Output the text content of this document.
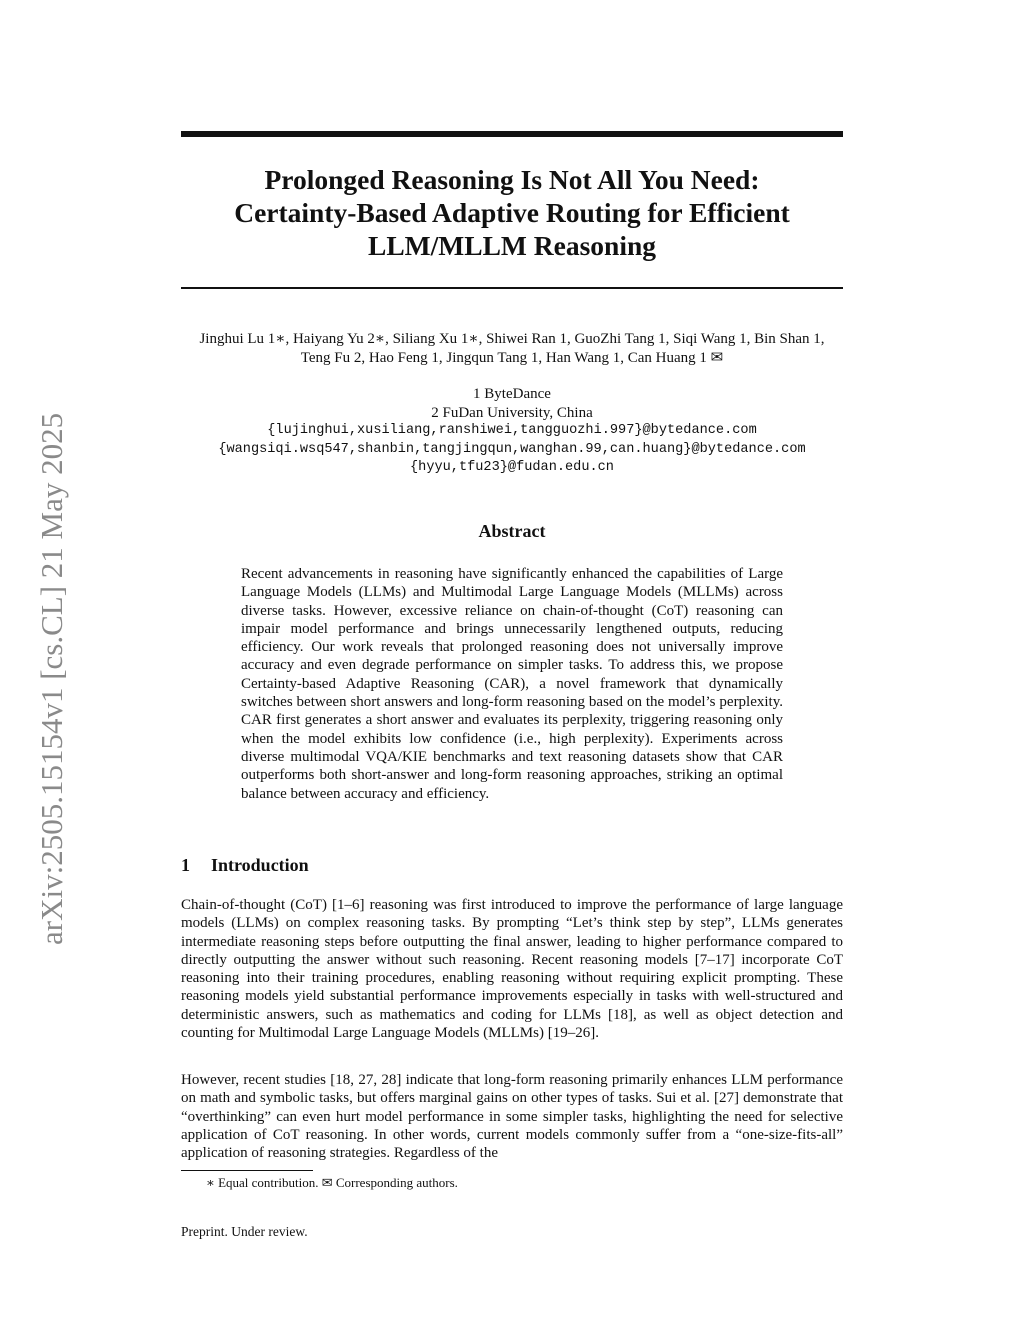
arXiv:2505.15154v1 [cs.CL] 21 May 2025
Prolonged Reasoning Is Not All You Need:
Certainty-Based Adaptive Routing for Efficient
LLM/MLLM Reasoning
Jinghui Lu 1∗, Haiyang Yu 2∗, Siliang Xu 1∗, Shiwei Ran 1, GuoZhi Tang 1, Siqi Wang 1, Bin Shan 1,
Teng Fu 2, Hao Feng 1, Jingqun Tang 1, Han Wang 1, Can Huang 1 ✉
1 ByteDance
2 FuDan University, China
{lujinghui,xusiliang,ranshiwei,tangguozhi.997}@bytedance.com
{wangsiqi.wsq547,shanbin,tangjingqun,wanghan.99,can.huang}@bytedance.com
{hyyu,tfu23}@fudan.edu.cn
Abstract

Recent advancements in reasoning have significantly enhanced the capabilities of Large Language Models (LLMs) and Multimodal Large Language Models (MLLMs) across diverse tasks. However, excessive reliance on chain-of-thought (CoT) reasoning can impair model performance and brings unnecessarily lengthened outputs, reducing efficiency. Our work reveals that prolonged reasoning does not universally improve accuracy and even degrade performance on simpler tasks. To address this, we propose Certainty-based Adaptive Reasoning (CAR), a novel framework that dynamically switches between short answers and long-form reasoning based on the model’s perplexity. CAR first generates a short answer and evaluates its perplexity, triggering reasoning only when the model exhibits low confidence (i.e., high perplexity). Experiments across diverse multimodal VQA/KIE benchmarks and text reasoning datasets show that CAR outperforms both short-answer and long-form reasoning approaches, striking an optimal balance between accuracy and efficiency.

1 Introduction

Chain-of-thought (CoT) [1–6] reasoning was first introduced to improve the performance of large language models (LLMs) on complex reasoning tasks. By prompting “Let’s think step by step”, LLMs generates intermediate reasoning steps before outputting the final answer, leading to higher performance compared to directly outputting the answer without such reasoning. Recent reasoning models [7–17] incorporate CoT reasoning into their training procedures, enabling reasoning without requiring explicit prompting. These reasoning models yield substantial performance improvements especially in tasks with well-structured and deterministic answers, such as mathematics and coding for LLMs [18], as well as object detection and counting for Multimodal Large Language Models (MLLMs) [19–26].

However, recent studies [18, 27, 28] indicate that long-form reasoning primarily enhances LLM performance on math and symbolic tasks, but offers marginal gains on other types of tasks. Sui et al. [27] demonstrate that “overthinking” can even hurt model performance in some simpler tasks, highlighting the need for selective application of CoT reasoning. In other words, current models commonly suffer from a “one-size-fits-all” application of reasoning strategies. Regardless of the

∗ Equal contribution. ✉ Corresponding authors.
Preprint. Under review.
